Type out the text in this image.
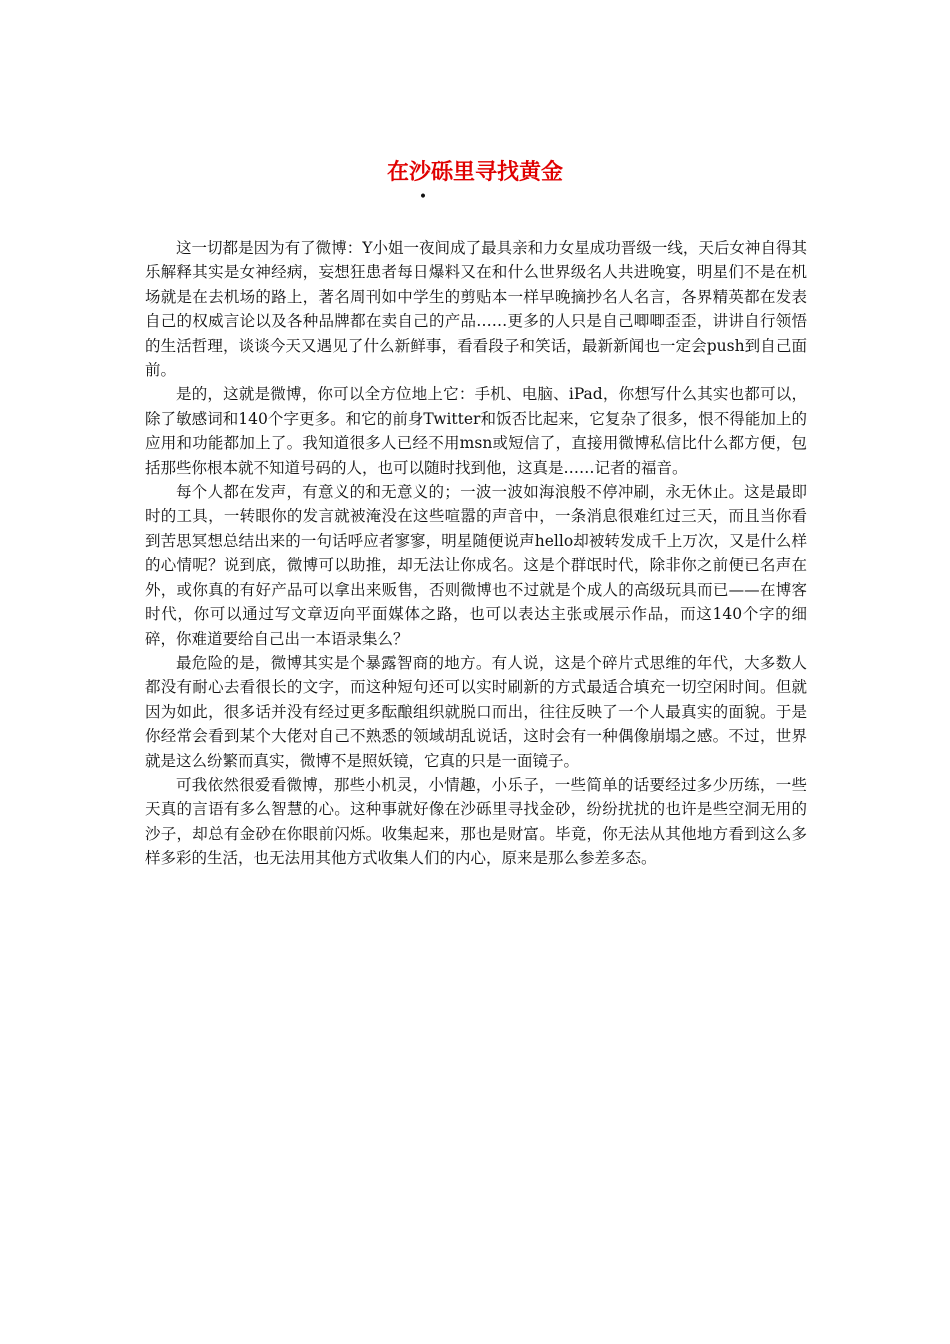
在沙砾里寻找黄金
•

这一切都是因为有了微博：Y小姐一夜间成了最具亲和力女星成功晋级一线，天后女神自得其乐解释其实是女神经病，妄想狂患者每日爆料又在和什么世界级名人共进晚宴，明星们不是在机场就是在去机场的路上，著名周刊如中学生的剪贴本一样早晚摘抄名人名言，各界精英都在发表自己的权威言论以及各种品牌都在卖自己的产品……更多的人只是自己唧唧歪歪，讲讲自行领悟的生活哲理，谈谈今天又遇见了什么新鲜事，看看段子和笑话，最新新闻也一定会push到自己面前。

是的，这就是微博，你可以全方位地上它：手机、电脑、iPad，你想写什么其实也都可以，除了敏感词和140个字更多。和它的前身Twitter和饭否比起来，它复杂了很多，恨不得能加上的应用和功能都加上了。我知道很多人已经不用msn或短信了，直接用微博私信比什么都方便，包括那些你根本就不知道号码的人，也可以随时找到他，这真是……记者的福音。

每个人都在发声，有意义的和无意义的；一波一波如海浪般不停冲刷，永无休止。这是最即时的工具，一转眼你的发言就被淹没在这些喧嚣的声音中，一条消息很难红过三天，而且当你看到苦思冥想总结出来的一句话呼应者寥寥，明星随便说声hello却被转发成千上万次，又是什么样的心情呢？说到底，微博可以助推，却无法让你成名。这是个群氓时代，除非你之前便已名声在外，或你真的有好产品可以拿出来贩售，否则微博也不过就是个成人的高级玩具而已——在博客时代，你可以通过写文章迈向平面媒体之路，也可以表达主张或展示作品，而这140个字的细碎，你难道要给自己出一本语录集么？

最危险的是，微博其实是个暴露智商的地方。有人说，这是个碎片式思维的年代，大多数人都没有耐心去看很长的文字，而这种短句还可以实时刷新的方式最适合填充一切空闲时间。但就因为如此，很多话并没有经过更多酝酿组织就脱口而出，往往反映了一个人最真实的面貌。于是你经常会看到某个大佬对自己不熟悉的领域胡乱说话，这时会有一种偶像崩塌之感。不过，世界就是这么纷繁而真实，微博不是照妖镜，它真的只是一面镜子。

可我依然很爱看微博，那些小机灵，小情趣，小乐子，一些简单的话要经过多少历练，一些天真的言语有多么智慧的心。这种事就好像在沙砾里寻找金砂，纷纷扰扰的也许是些空洞无用的沙子，却总有金砂在你眼前闪烁。收集起来，那也是财富。毕竟，你无法从其他地方看到这么多样多彩的生活，也无法用其他方式收集人们的内心，原来是那么参差多态。
